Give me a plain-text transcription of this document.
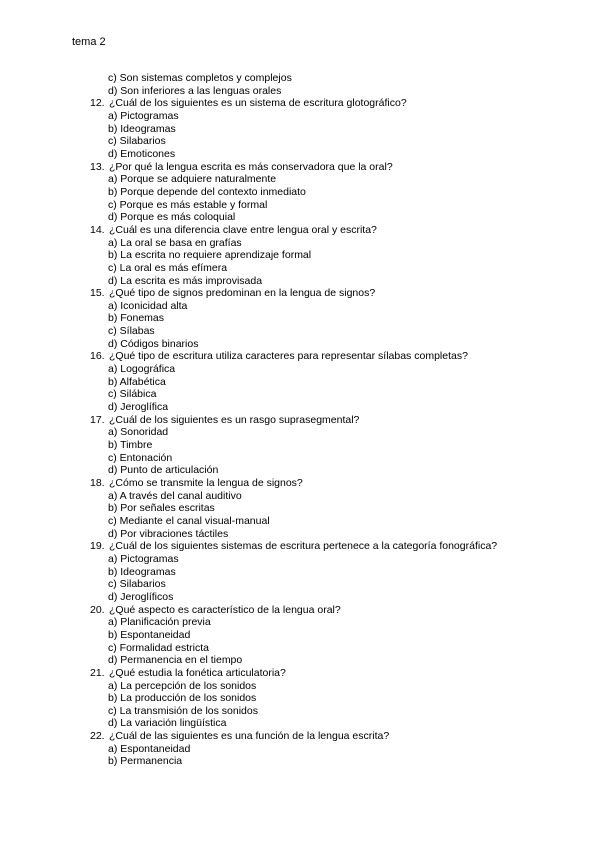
tema 2
c) Son sistemas completos y complejos
d) Son inferiores a las lenguas orales
12. ¿Cuál de los siguientes es un sistema de escritura glotográfico?
a) Pictogramas
b) Ideogramas
c) Silabarios
d) Emoticones
13. ¿Por qué la lengua escrita es más conservadora que la oral?
a) Porque se adquiere naturalmente
b) Porque depende del contexto inmediato
c) Porque es más estable y formal
d) Porque es más coloquial
14. ¿Cuál es una diferencia clave entre lengua oral y escrita?
a) La oral se basa en grafías
b) La escrita no requiere aprendizaje formal
c) La oral es más efímera
d) La escrita es más improvisada
15. ¿Qué tipo de signos predominan en la lengua de signos?
a) Iconicidad alta
b) Fonemas
c) Sílabas
d) Códigos binarios
16. ¿Qué tipo de escritura utiliza caracteres para representar sílabas completas?
a) Logográfica
b) Alfabética
c) Silábica
d) Jeroglífica
17. ¿Cuál de los siguientes es un rasgo suprasegmental?
a) Sonoridad
b) Timbre
c) Entonación
d) Punto de articulación
18. ¿Cómo se transmite la lengua de signos?
a) A través del canal auditivo
b) Por señales escritas
c) Mediante el canal visual-manual
d) Por vibraciones táctiles
19. ¿Cuál de los siguientes sistemas de escritura pertenece a la categoría fonográfica?
a) Pictogramas
b) Ideogramas
c) Silabarios
d) Jeroglíficos
20. ¿Qué aspecto es característico de la lengua oral?
a) Planificación previa
b) Espontaneidad
c) Formalidad estricta
d) Permanencia en el tiempo
21. ¿Qué estudia la fonética articulatoria?
a) La percepción de los sonidos
b) La producción de los sonidos
c) La transmisión de los sonidos
d) La variación lingüística
22. ¿Cuál de las siguientes es una función de la lengua escrita?
a) Espontaneidad
b) Permanencia
